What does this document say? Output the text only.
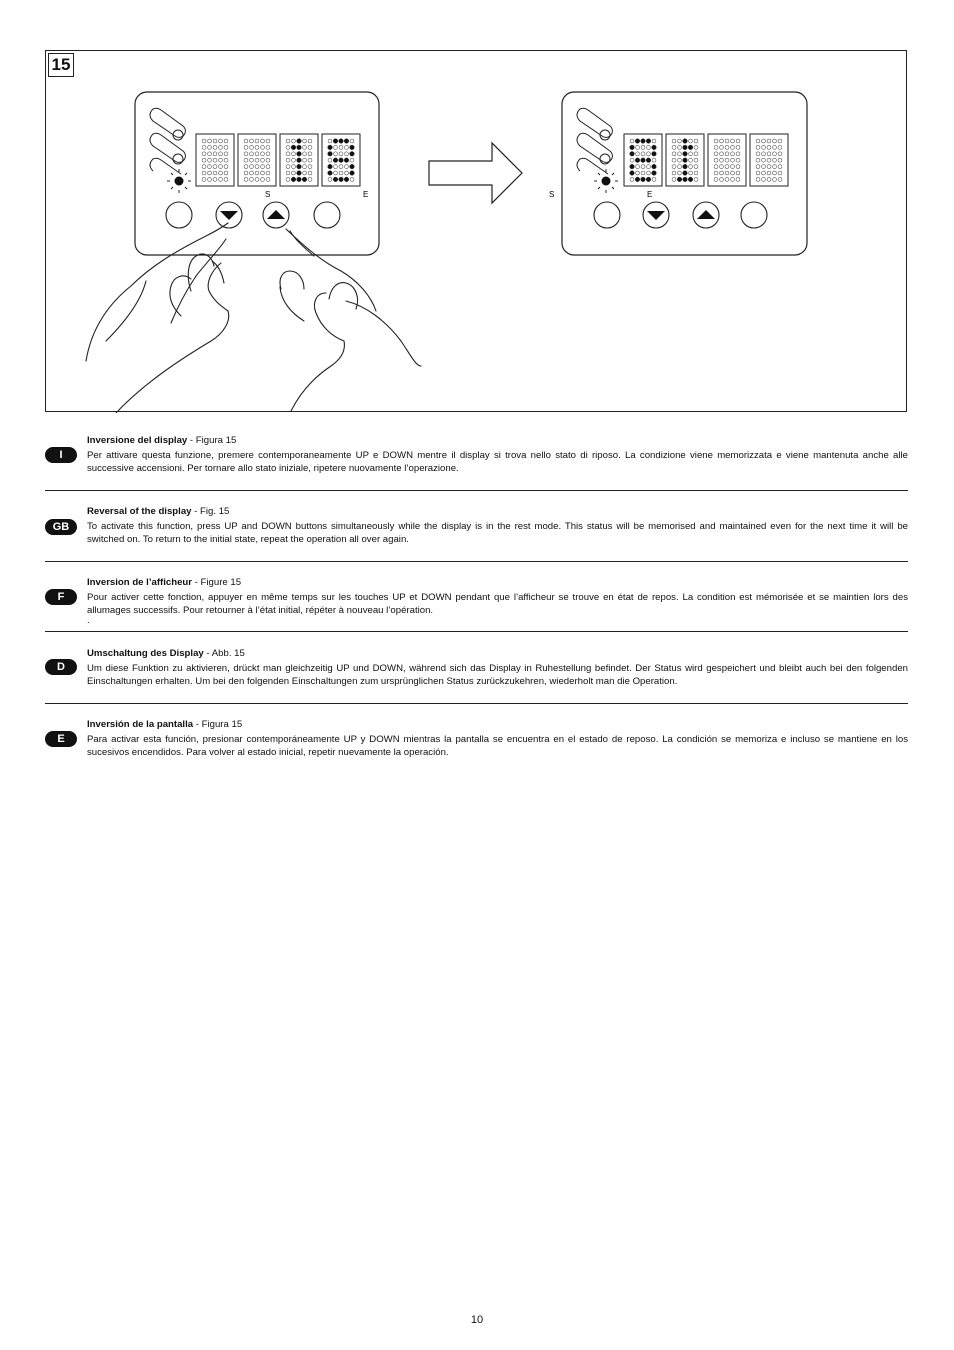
S	E	S	E
15
I
Inversione del display - Figura 15
Per attivare questa funzione, premere contemporaneamente UP e DOWN mentre il display si trova nello stato di riposo. La condizione viene memorizzata e viene mantenuta anche alle successive accensioni. Per tornare allo stato iniziale, ripetere nuovamente l’operazione.
GB
Reversal of the display - Fig. 15
To activate this function, press UP and DOWN buttons simultaneously while the display is in the rest mode. This status will be memorised and maintained even for the next time it will be switched on. To return to the initial state, repeat the operation all over again.
F
Inversion de l’afficheur - Figure 15
Pour activer cette fonction, appuyer en même temps sur les touches UP et DOWN pendant que l’afficheur se trouve en état de repos. La condition est mémorisée et se maintien lors des allumages successifs. Pour retourner à l’état initial, répéter à nouveau l’opération.
.
D
Umschaltung des Display - Abb. 15
Um diese Funktion zu aktivieren, drückt man gleichzeitig UP und DOWN, während sich das Display in Ruhestellung befindet. Der Status wird gespeichert und bleibt auch bei den folgenden Einschaltungen erhalten. Um bei den folgenden Einschaltungen zum ursprünglichen Status zurückzukehren, wiederholt man die Operation.
E
Inversión de la pantalla - Figura 15
Para activar esta función, presionar contemporáneamente UP y DOWN mientras la pantalla se encuentra en el estado de reposo. La condición se memoriza e incluso se mantiene en los sucesivos encendidos. Para volver al estado inicial, repetir nuevamente la operación.
10
